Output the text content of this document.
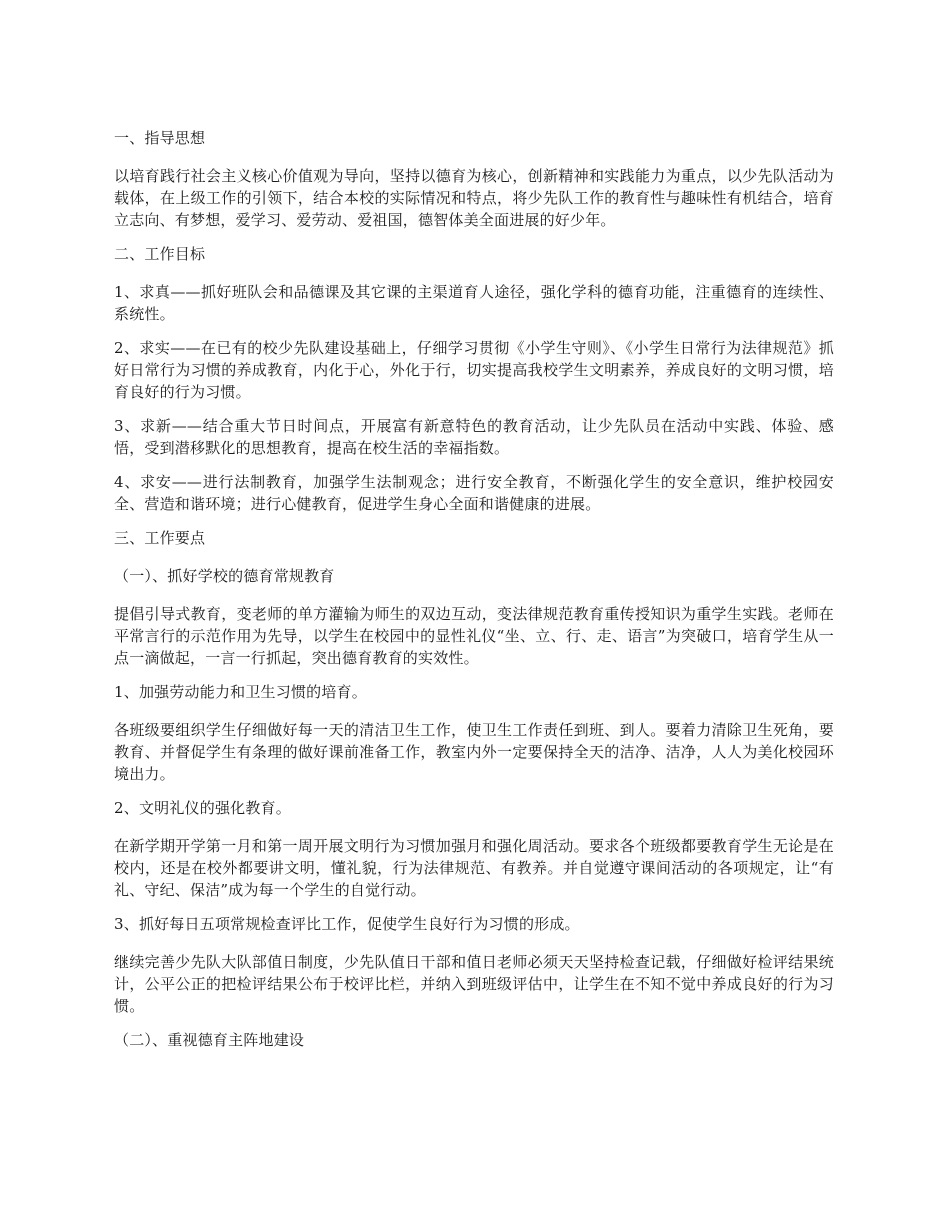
一、指导思想
以培育践行社会主义核心价值观为导向，坚持以德育为核心，创新精神和实践能力为重点，以少先队活动为载体，在上级工作的引领下，结合本校的实际情况和特点，将少先队工作的教育性与趣味性有机结合，培育立志向、有梦想，爱学习、爱劳动、爱祖国，德智体美全面进展的好少年。
二、工作目标
1、求真——抓好班队会和品德课及其它课的主渠道育人途径，强化学科的德育功能，注重德育的连续性、系统性。
2、求实——在已有的校少先队建设基础上，仔细学习贯彻《小学生守则》、《小学生日常行为法律规范》抓好日常行为习惯的养成教育，内化于心，外化于行，切实提高我校学生文明素养，养成良好的文明习惯，培育良好的行为习惯。
3、求新——结合重大节日时间点，开展富有新意特色的教育活动，让少先队员在活动中实践、体验、感悟，受到潜移默化的思想教育，提高在校生活的幸福指数。
4、求安——进行法制教育，加强学生法制观念；进行安全教育，不断强化学生的安全意识，维护校园安全、营造和谐环境；进行心健教育，促进学生身心全面和谐健康的进展。
三、工作要点
（一）、抓好学校的德育常规教育
提倡引导式教育，变老师的单方灌输为师生的双边互动，变法律规范教育重传授知识为重学生实践。老师在平常言行的示范作用为先导，以学生在校园中的显性礼仪“坐、立、行、走、语言”为突破口，培育学生从一点一滴做起，一言一行抓起，突出德育教育的实效性。
1、加强劳动能力和卫生习惯的培育。
各班级要组织学生仔细做好每一天的清洁卫生工作，使卫生工作责任到班、到人。要着力清除卫生死角，要教育、并督促学生有条理的做好课前准备工作，教室内外一定要保持全天的洁净、洁净，人人为美化校园环境出力。
2、文明礼仪的强化教育。
在新学期开学第一月和第一周开展文明行为习惯加强月和强化周活动。要求各个班级都要教育学生无论是在校内，还是在校外都要讲文明，懂礼貌，行为法律规范、有教养。并自觉遵守课间活动的各项规定，让“有礼、守纪、保洁”成为每一个学生的自觉行动。
3、抓好每日五项常规检查评比工作，促使学生良好行为习惯的形成。
继续完善少先队大队部值日制度，少先队值日干部和值日老师必须天天坚持检查记载，仔细做好检评结果统计，公平公正的把检评结果公布于校评比栏，并纳入到班级评估中，让学生在不知不觉中养成良好的行为习惯。
（二）、重视德育主阵地建设
